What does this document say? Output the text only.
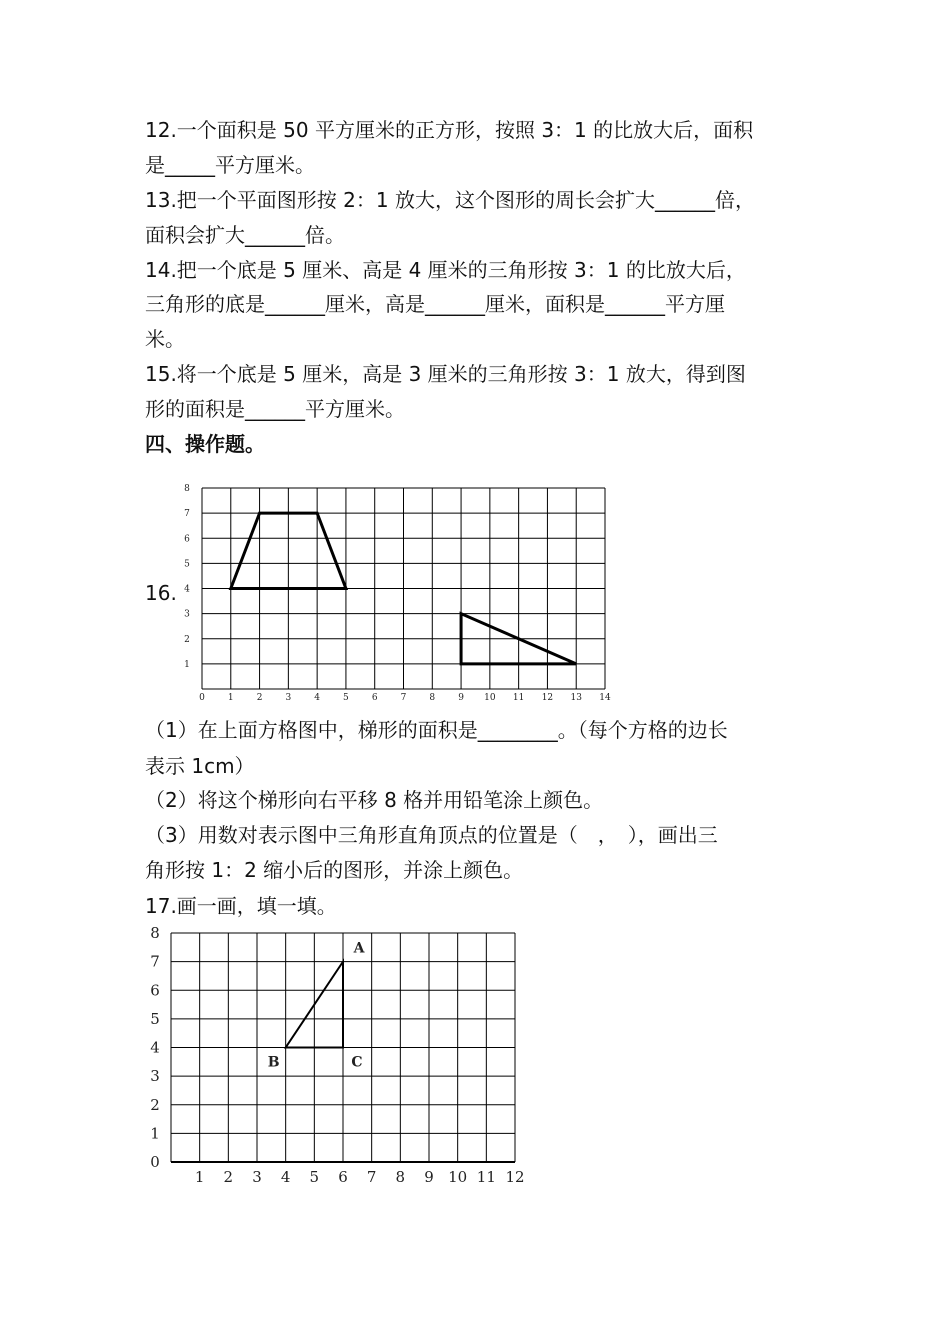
12.一个面积是 50 平方厘米的正方形，按照 3：1 的比放大后，面积
是_____平方厘米。
13.把一个平面图形按 2：1 放大，这个图形的周长会扩大______倍，
面积会扩大______倍。
14.把一个底是 5 厘米、高是 4 厘米的三角形按 3：1 的比放大后，
三角形的底是______厘米，高是______厘米，面积是______平方厘
米。
15.将一个底是 5 厘米，高是 3 厘米的三角形按 3：1 放大，得到图
形的面积是______平方厘米。
四、操作题。
16.
0	1	2	3	4	5	6	7	8	9 10 11 12 13 14
1
2
3
4
5
6
7
8
（1）在上面方格图中，梯形的面积是________。（每个方格的边长
表示 1cm）
（2）将这个梯形向右平移 8 格并用铅笔涂上颜色。
（3）用数对表示图中三角形直角顶点的位置是（　，　），画出三
角形按 1：2 缩小后的图形，并涂上颜色。
17.画一画，填一填。
1 2 3 4 5 6 7 8 9 10 11 12
0
1
2
3
4
5
6
7
8
A
B	C
